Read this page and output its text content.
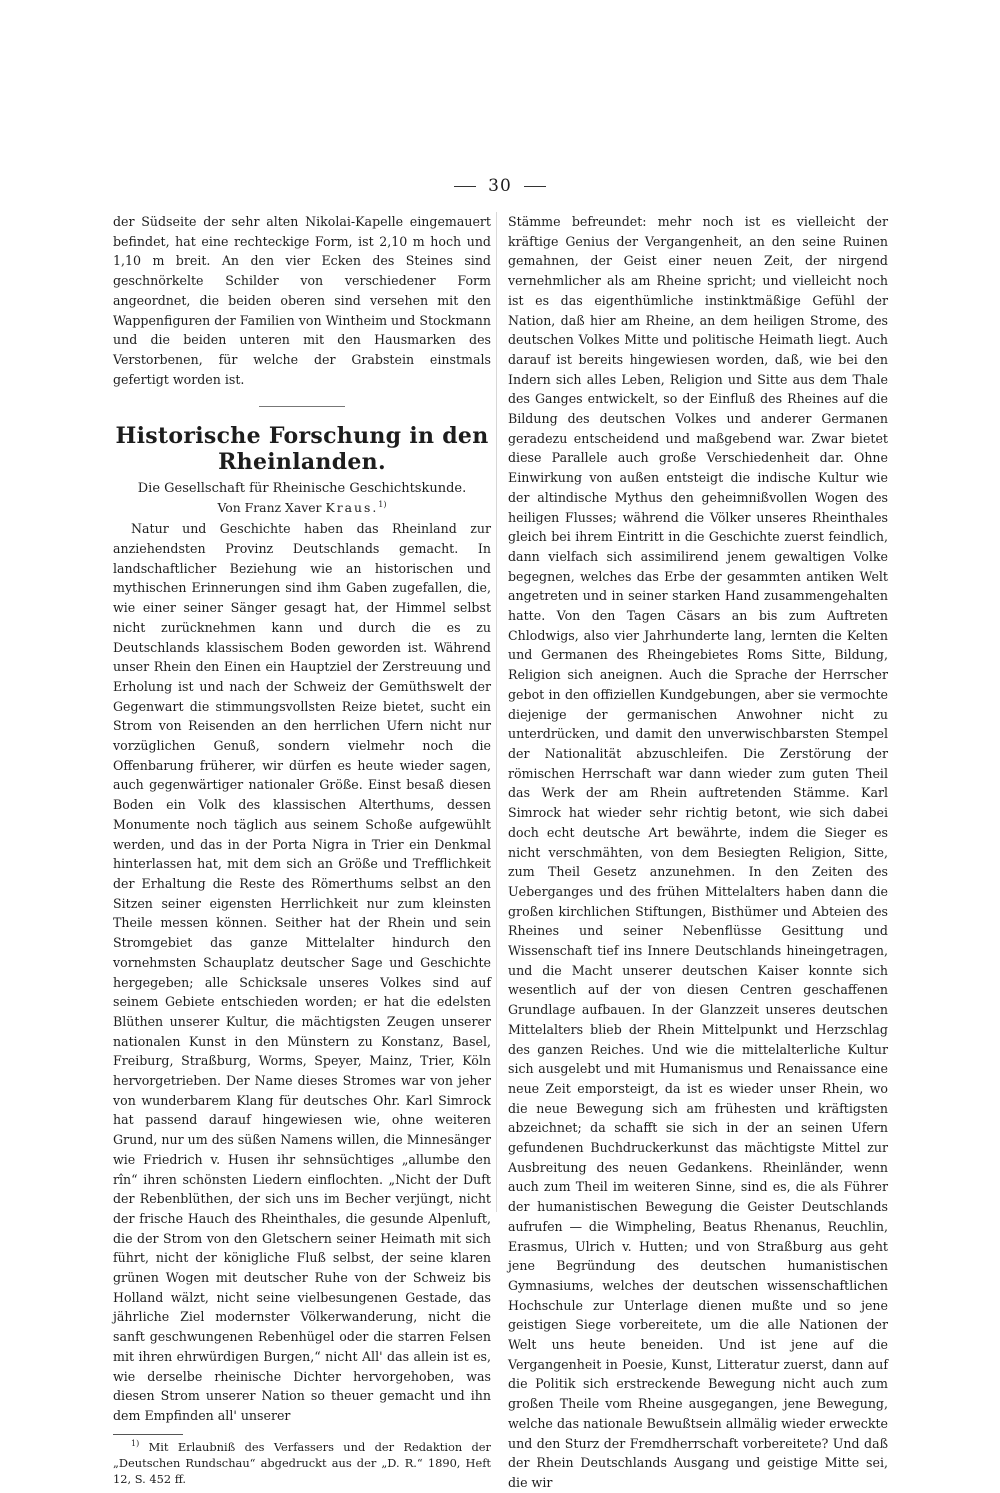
30

der Südseite der sehr alten Nikolai-Kapelle eingemauert befindet, hat eine rechteckige Form, ist 2,10 m hoch und 1,10 m breit. An den vier Ecken des Steines sind geschnörkelte Schilder von verschiedener Form angeordnet, die beiden oberen sind versehen mit den Wappenfiguren der Familien von Wintheim und Stockmann und die beiden unteren mit den Hausmarken des Verstorbenen, für welche der Grabstein einstmals gefertigt worden ist.

Historische Forschung in den Rheinlanden.
Die Gesellschaft für Rheinische Geschichtskunde.
Von Franz Xaver Kraus.$^{1)}$

Natur und Geschichte haben das Rheinland zur anziehendsten Provinz Deutschlands gemacht. In landschaftlicher Beziehung wie an historischen und mythischen Erinnerungen sind ihm Gaben zugefallen, die, wie einer seiner Sänger gesagt hat, der Himmel selbst nicht zurücknehmen kann und durch die es zu Deutschlands klassischem Boden geworden ist. Während unser Rhein den Einen ein Hauptziel der Zerstreuung und Erholung ist und nach der Schweiz der Gemüthswelt der Gegenwart die stimmungsvollsten Reize bietet, sucht ein Strom von Reisenden an den herrlichen Ufern nicht nur vorzüglichen Genuß, sondern vielmehr noch die Offenbarung früherer, wir dürfen es heute wieder sagen, auch gegenwärtiger nationaler Größe. Einst besaß diesen Boden ein Volk des klassischen Alterthums, dessen Monumente noch täglich aus seinem Schoße aufgewühlt werden, und das in der Porta Nigra in Trier ein Denkmal hinterlassen hat, mit dem sich an Größe und Trefflichkeit der Erhaltung die Reste des Römerthums selbst an den Sitzen seiner eigensten Herrlichkeit nur zum kleinsten Theile messen können. Seither hat der Rhein und sein Stromgebiet das ganze Mittelalter hindurch den vornehmsten Schauplatz deutscher Sage und Geschichte hergegeben; alle Schicksale unseres Volkes sind auf seinem Gebiete entschieden worden; er hat die edelsten Blüthen unserer Kultur, die mächtigsten Zeugen unserer nationalen Kunst in den Münstern zu Konstanz, Basel, Freiburg, Straßburg, Worms, Speyer, Mainz, Trier, Köln hervorgetrieben. Der Name dieses Stromes war von jeher von wunderbarem Klang für deutsches Ohr. Karl Simrock hat passend darauf hingewiesen wie, ohne weiteren Grund, nur um des süßen Namens willen, die Minnesänger wie Friedrich v. Husen ihr sehnsüchtiges „allumbe den rîn“ ihren schönsten Liedern einflochten. „Nicht der Duft der Rebenblüthen, der sich uns im Becher verjüngt, nicht der frische Hauch des Rheinthales, die gesunde Alpenluft, die der Strom von den Gletschern seiner Heimath mit sich führt, nicht der königliche Fluß selbst, der seine klaren grünen Wogen mit deutscher Ruhe von der Schweiz bis Holland wälzt, nicht seine vielbesungenen Gestade, das jährliche Ziel modernster Völkerwanderung, nicht die sanft geschwungenen Rebenhügel oder die starren Felsen mit ihren ehrwürdigen Burgen,“ nicht All' das allein ist es, wie derselbe rheinische Dichter hervorgehoben, was diesen Strom unserer Nation so theuer gemacht und ihn dem Empfinden all' unserer

$^{1)}$ Mit Erlaubniß des Verfassers und der Redaktion der „Deutschen Rundschau“ abgedruckt aus der „D. R.“ 1890, Heft 12, S. 452 ff.

Stämme befreundet: mehr noch ist es vielleicht der kräftige Genius der Vergangenheit, an den seine Ruinen gemahnen, der Geist einer neuen Zeit, der nirgend vernehmlicher als am Rheine spricht; und vielleicht noch ist es das eigenthümliche instinktmäßige Gefühl der Nation, daß hier am Rheine, an dem heiligen Strome, des deutschen Volkes Mitte und politische Heimath liegt. Auch darauf ist bereits hingewiesen worden, daß, wie bei den Indern sich alles Leben, Religion und Sitte aus dem Thale des Ganges entwickelt, so der Einfluß des Rheines auf die Bildung des deutschen Volkes und anderer Germanen geradezu entscheidend und maßgebend war. Zwar bietet diese Parallele auch große Verschiedenheit dar. Ohne Einwirkung von außen entsteigt die indische Kultur wie der altindische Mythus den geheimnißvollen Wogen des heiligen Flusses; während die Völker unseres Rheinthales gleich bei ihrem Eintritt in die Geschichte zuerst feindlich, dann vielfach sich assimilirend jenem gewaltigen Volke begegnen, welches das Erbe der gesammten antiken Welt angetreten und in seiner starken Hand zusammengehalten hatte. Von den Tagen Cäsars an bis zum Auftreten Chlodwigs, also vier Jahrhunderte lang, lernten die Kelten und Germanen des Rheingebietes Roms Sitte, Bildung, Religion sich aneignen. Auch die Sprache der Herrscher gebot in den offiziellen Kundgebungen, aber sie vermochte diejenige der germanischen Anwohner nicht zu unterdrücken, und damit den unverwischbarsten Stempel der Nationalität abzuschleifen. Die Zerstörung der römischen Herrschaft war dann wieder zum guten Theil das Werk der am Rhein auftretenden Stämme. Karl Simrock hat wieder sehr richtig betont, wie sich dabei doch echt deutsche Art bewährte, indem die Sieger es nicht verschmähten, von dem Besiegten Religion, Sitte, zum Theil Gesetz anzunehmen. In den Zeiten des Ueberganges und des frühen Mittelalters haben dann die großen kirchlichen Stiftungen, Bisthümer und Abteien des Rheines und seiner Nebenflüsse Gesittung und Wissenschaft tief ins Innere Deutschlands hineingetragen, und die Macht unserer deutschen Kaiser konnte sich wesentlich auf der von diesen Centren geschaffenen Grundlage aufbauen. In der Glanzzeit unseres deutschen Mittelalters blieb der Rhein Mittelpunkt und Herzschlag des ganzen Reiches. Und wie die mittelalterliche Kultur sich ausgelebt und mit Humanismus und Renaissance eine neue Zeit emporsteigt, da ist es wieder unser Rhein, wo die neue Bewegung sich am frühesten und kräftigsten abzeichnet; da schafft sie sich in der an seinen Ufern gefundenen Buchdruckerkunst das mächtigste Mittel zur Ausbreitung des neuen Gedankens. Rheinländer, wenn auch zum Theil im weiteren Sinne, sind es, die als Führer der humanistischen Bewegung die Geister Deutschlands aufrufen — die Wimpheling, Beatus Rhenanus, Reuchlin, Erasmus, Ulrich v. Hutten; und von Straßburg aus geht jene Begründung des deutschen humanistischen Gymnasiums, welches der deutschen wissenschaftlichen Hochschule zur Unterlage dienen mußte und so jene geistigen Siege vorbereitete, um die alle Nationen der Welt uns heute beneiden. Und ist jene auf die Vergangenheit in Poesie, Kunst, Litteratur zuerst, dann auf die Politik sich erstreckende Bewegung nicht auch zum großen Theile vom Rheine ausgegangen, jene Bewegung, welche das nationale Bewußtsein allmälig wieder erweckte und den Sturz der Fremdherrschaft vorbereitete? Und daß der Rhein Deutschlands Ausgang und geistige Mitte sei, die wir
